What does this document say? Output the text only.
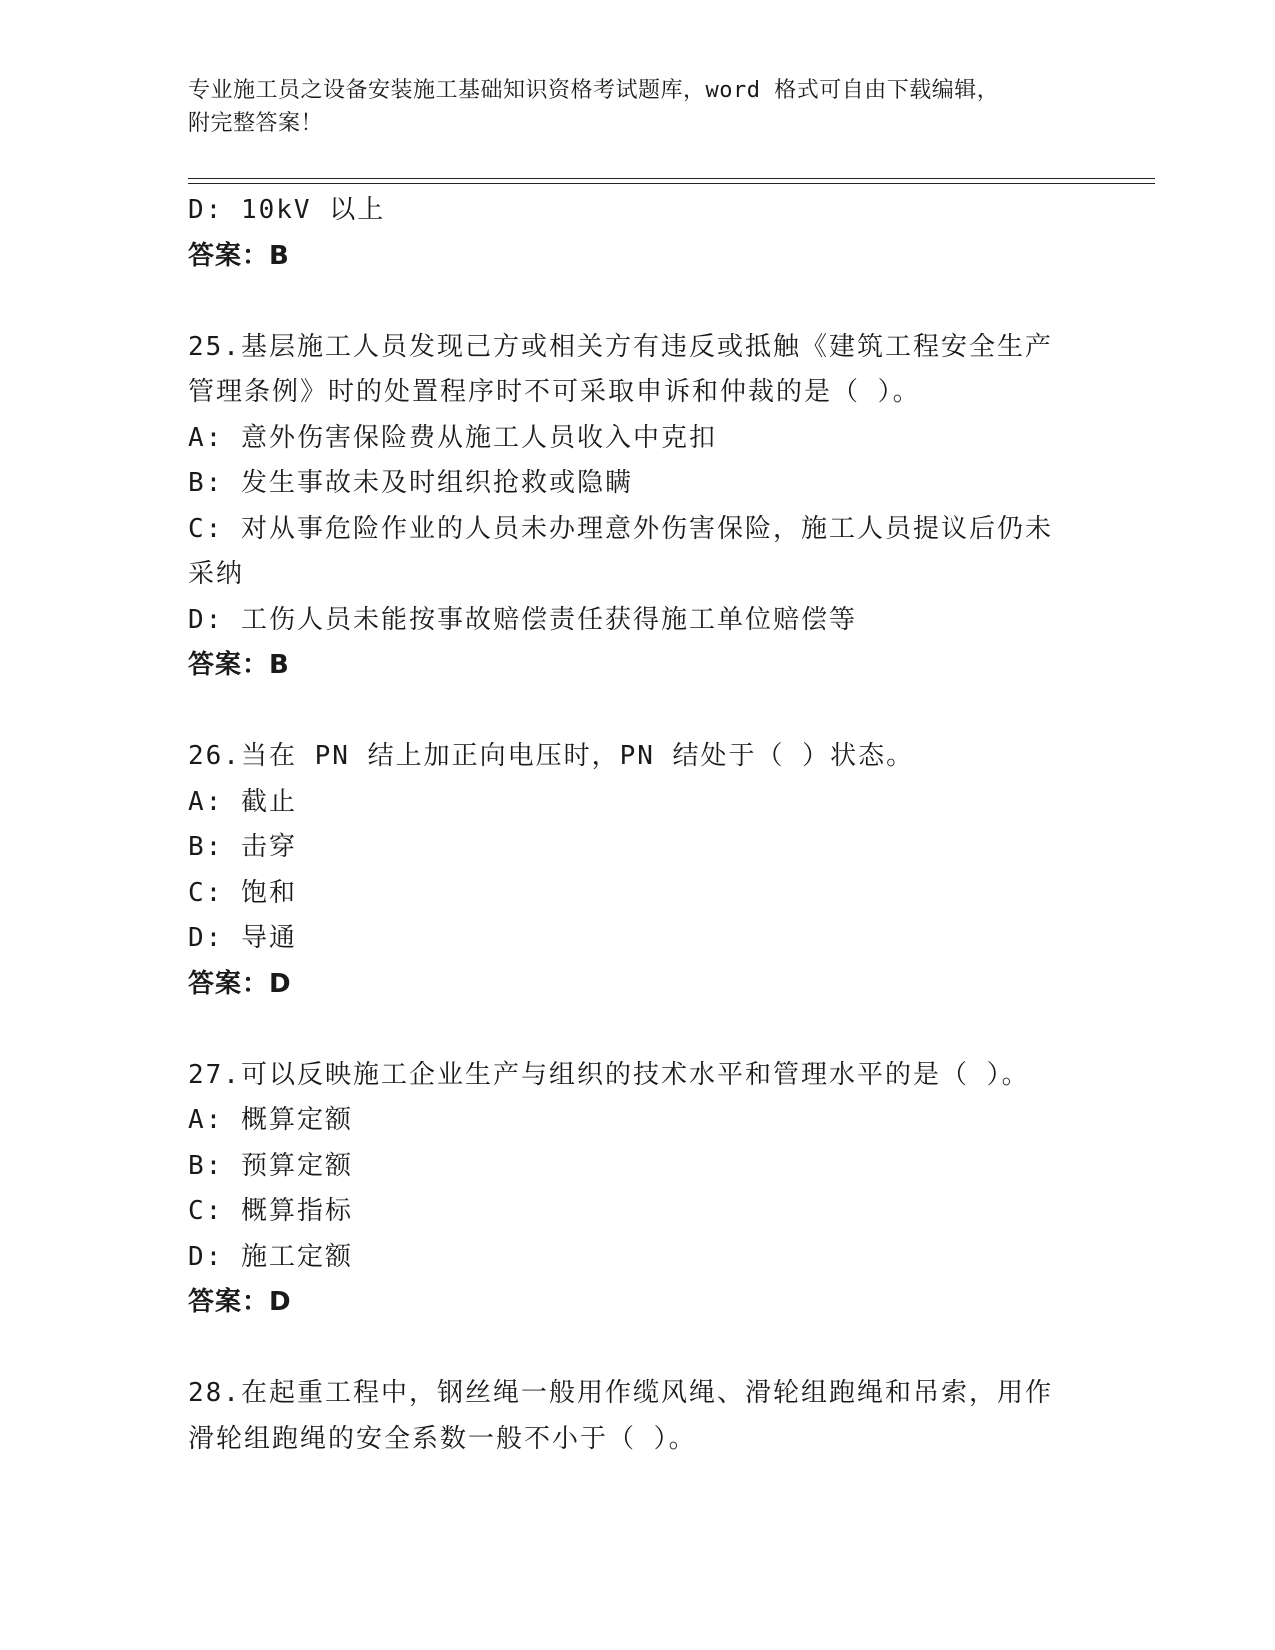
专业施工员之设备安装施工基础知识资格考试题库，word 格式可自由下载编辑，
附完整答案！
D: 10kV 以上
答案：B
25.基层施工人员发现己方或相关方有违反或抵触《建筑工程安全生产
管理条例》时的处置程序时不可采取申诉和仲裁的是（ ）。
A: 意外伤害保险费从施工人员收入中克扣
B: 发生事故未及时组织抢救或隐瞒
C: 对从事危险作业的人员未办理意外伤害保险，施工人员提议后仍未
采纳
D: 工伤人员未能按事故赔偿责任获得施工单位赔偿等
答案：B
26.当在 PN 结上加正向电压时，PN 结处于（ ）状态。
A: 截止
B: 击穿
C: 饱和
D: 导通
答案：D
27.可以反映施工企业生产与组织的技术水平和管理水平的是（ ）。
A: 概算定额
B: 预算定额
C: 概算指标
D: 施工定额
答案：D
28.在起重工程中，钢丝绳一般用作缆风绳、滑轮组跑绳和吊索，用作
滑轮组跑绳的安全系数一般不小于（ ）。
